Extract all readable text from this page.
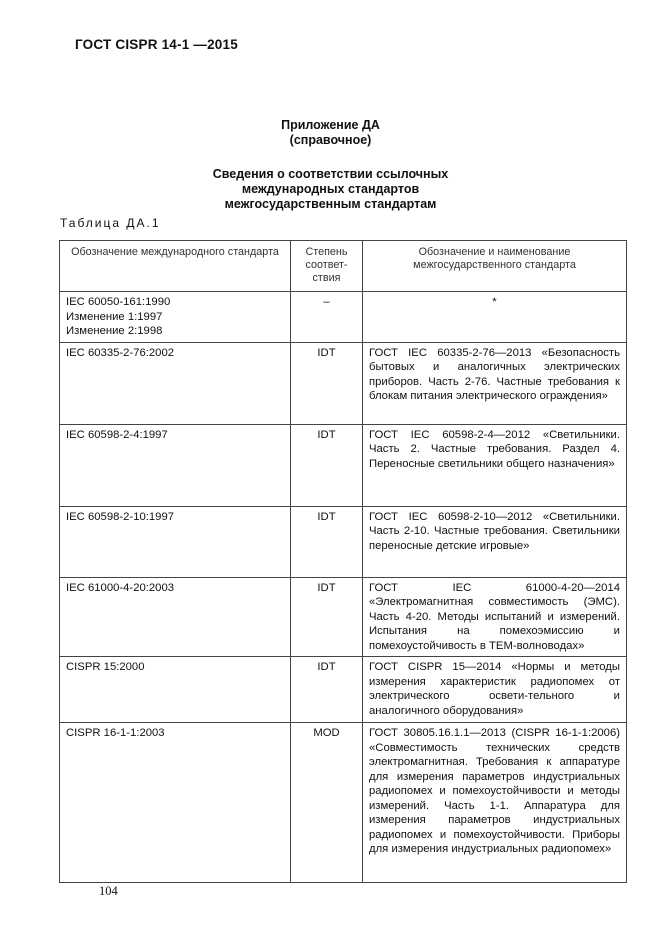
ГОСТ CISPR 14-1 —2015
Приложение ДА
(справочное)
Сведения о соответствии ссылочных
международных стандартов
межгосударственным стандартам
Таблица ДА.1
Обозначение международного стандарта	Степень соответ-ствия	Обозначение и наименование межгосударственного стандарта

IEC 60050-161:1990
Изменение 1:1997
Изменение 2:1998	–	*
IEC 60335-2-76:2002	IDT	ГОСТ IEC 60335-2-76—2013 «Безопасность бытовых и аналогичных электрических приборов. Часть 2-76. Частные требования к блокам питания электрического ограждения»
IEC 60598-2-4:1997	IDT	ГОСТ IEC 60598-2-4—2012 «Светильники. Часть 2. Частные требования. Раздел 4. Переносные светильники общего назначения»
IEC 60598-2-10:1997	IDT	ГОСТ IEC 60598-2-10—2012 «Светильники. Часть 2-10. Частные требования. Светильники переносные детские игровые»
IEC 61000-4-20:2003	IDT	ГОСТ IEC 61000-4-20—2014 «Электромагнитная совместимость (ЭМС). Часть 4-20. Методы испытаний и измерений. Испытания на помехоэмиссию и помехоустойчивость в ТЕМ-волноводах»
CISPR 15:2000	IDT	ГОСТ CISPR 15—2014 «Нормы и методы измерения характеристик радиопомех от электрического освети-тельного и аналогичного оборудования»
CISPR 16-1-1:2003	MOD	ГОСТ 30805.16.1.1—2013 (CISPR 16-1-1:2006) «Совместимость технических средств электромагнитная. Требования к аппаратуре для измерения параметров индустриальных радиопомех и помехоустойчивости и методы измерений. Часть 1-1. Аппаратура для измерения параметров индустриальных радиопомех и помехоустойчивости. Приборы для измерения индустриальных радиопомех»
104
